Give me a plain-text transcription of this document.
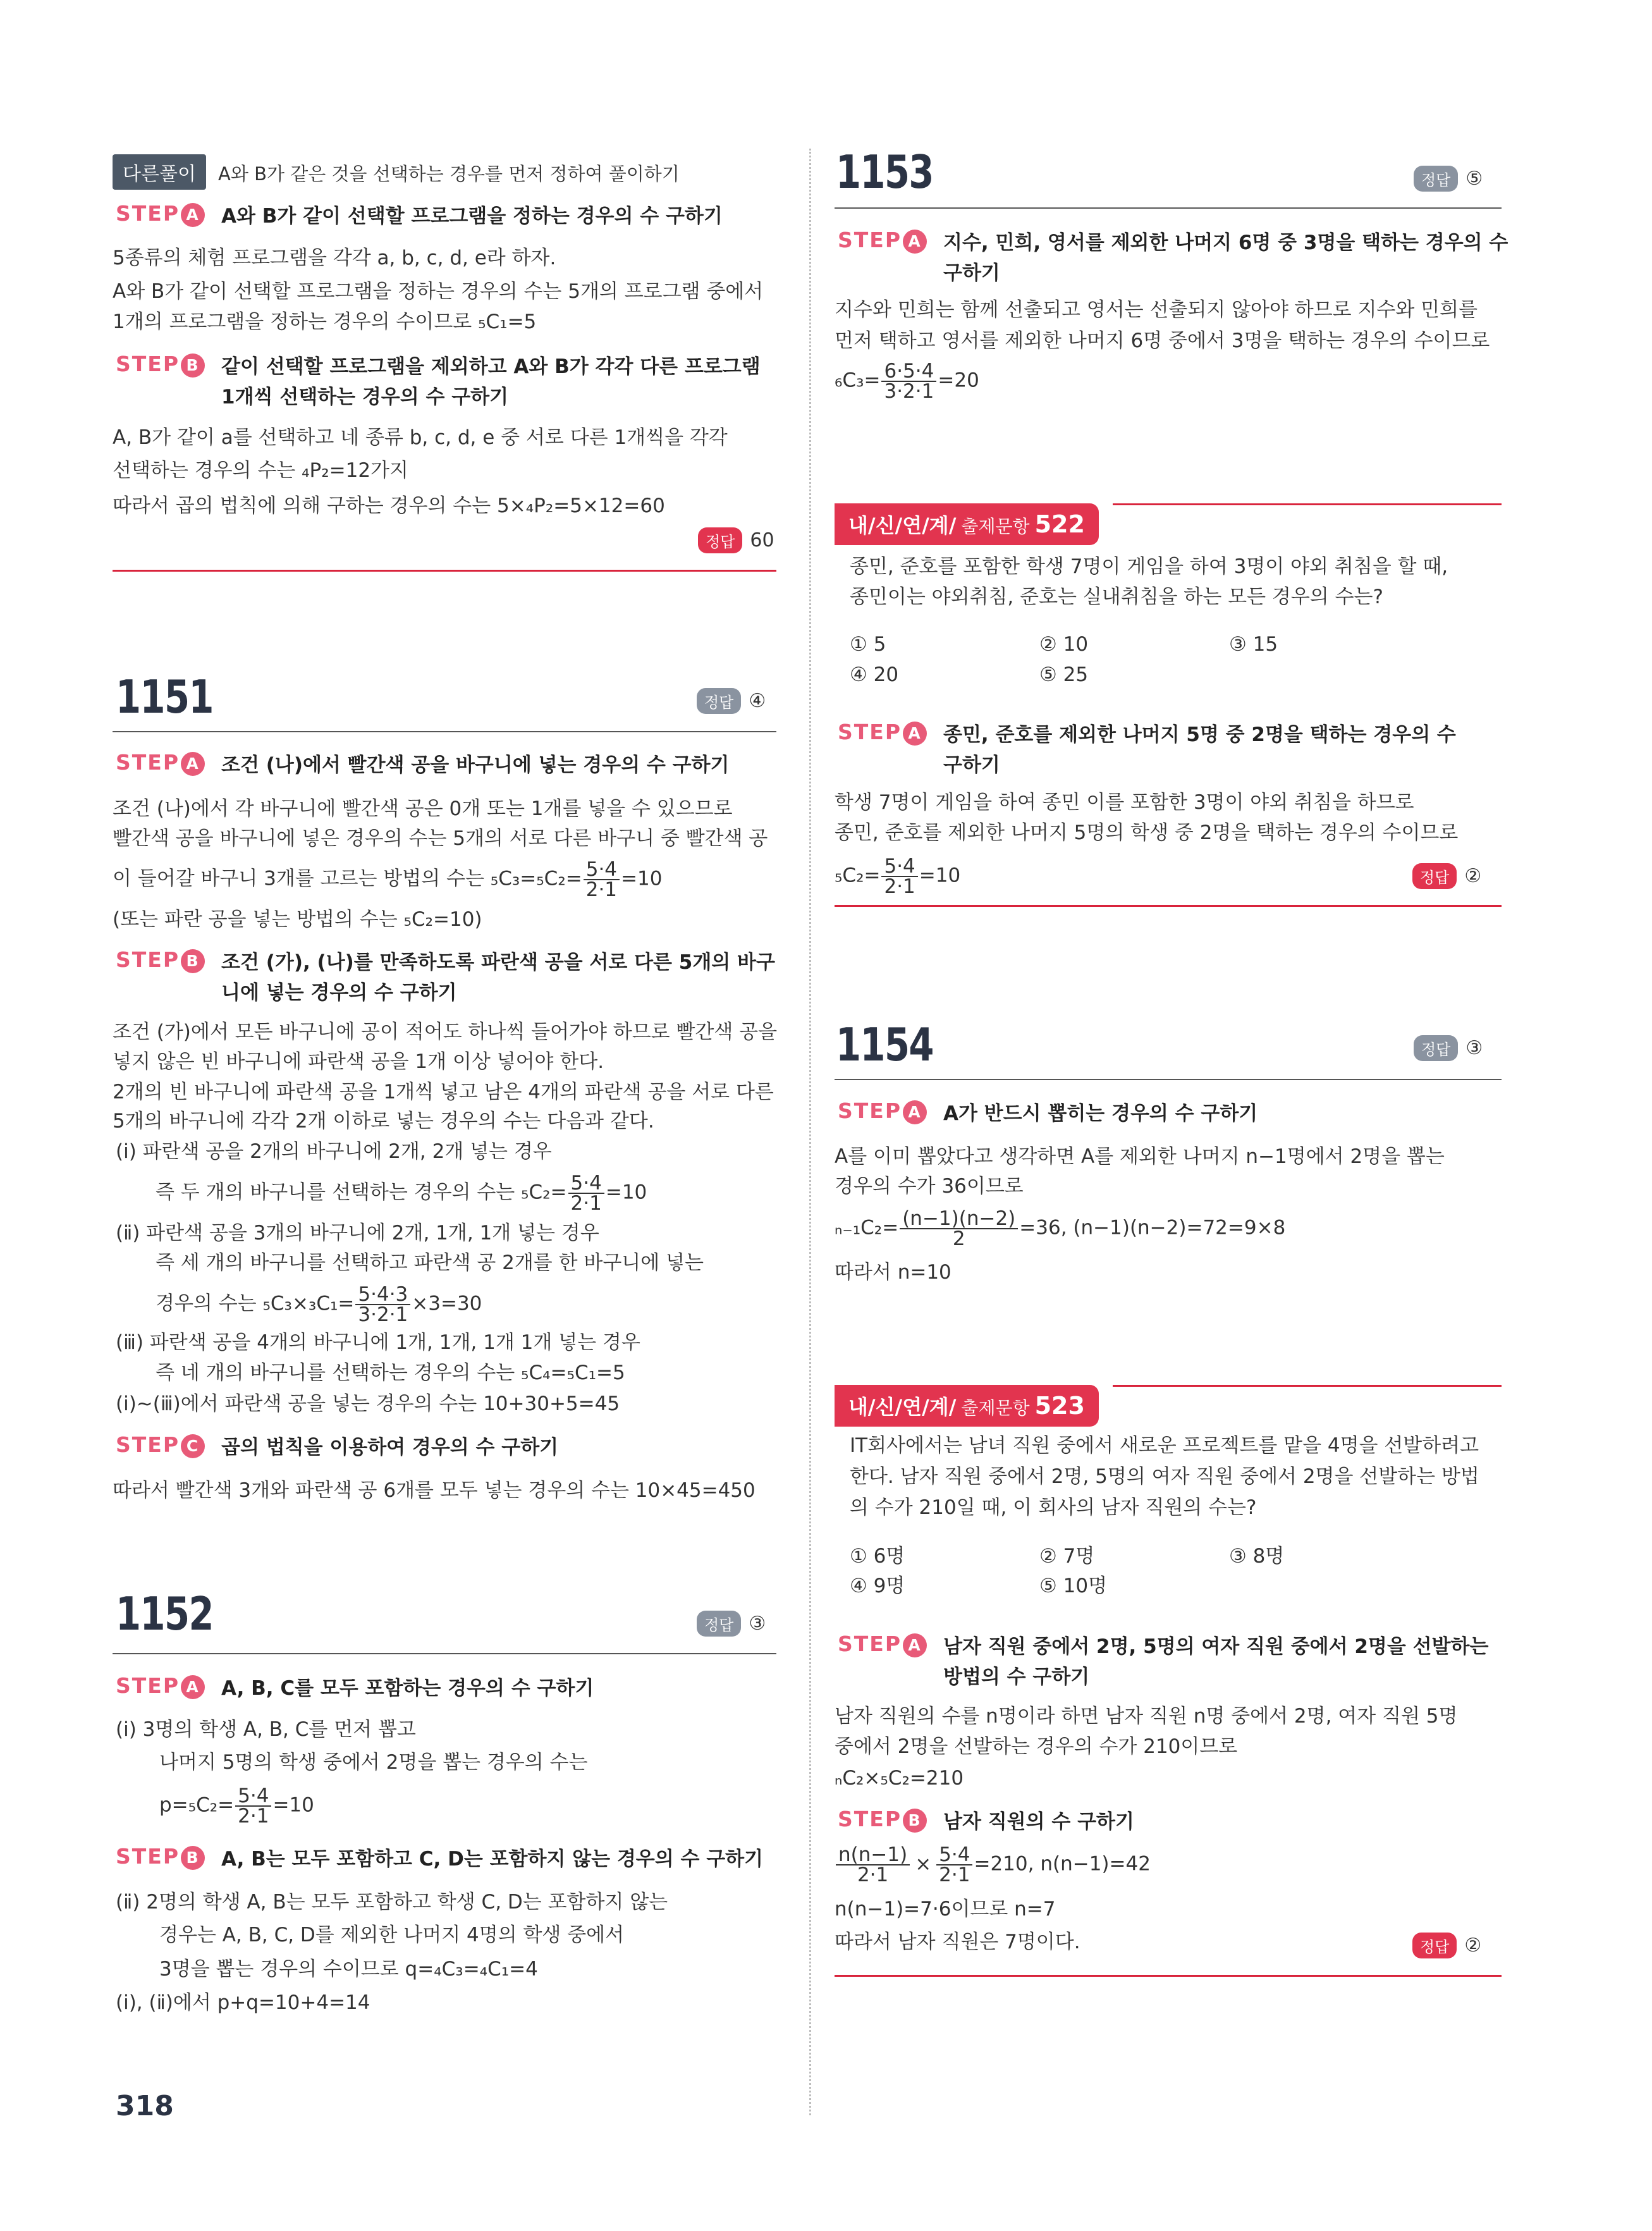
다른풀이 A와 B가 같은 것을 선택하는 경우를 먼저 정하여 풀이하기
STEP A A와 B가 같이 선택할 프로그램을 정하는 경우의 수 구하기
5종류의 체험 프로그램을 각각 a, b, c, d, e라 하자.
A와 B가 같이 선택할 프로그램을 정하는 경우의 수는 5개의 프로그램 중에서
1개의 프로그램을 정하는 경우의 수이므로 ₅C₁=5
STEP B 같이 선택할 프로그램을 제외하고 A와 B가 각각 다른 프로그램
1개씩 선택하는 경우의 수 구하기
A, B가 같이 a를 선택하고 네 종류 b, c, d, e 중 서로 다른 1개씩을 각각
선택하는 경우의 수는 ₄P₂=12가지
따라서 곱의 법칙에 의해 구하는 경우의 수는 5×₄P₂=5×12=60
정답 60
1151	정답 ④
STEP A 조건 (나)에서 빨간색 공을 바구니에 넣는 경우의 수 구하기
조건 (나)에서 각 바구니에 빨간색 공은 0개 또는 1개를 넣을 수 있으므로
빨간색 공을 바구니에 넣은 경우의 수는 5개의 서로 다른 바구니 중 빨간색 공
이 들어갈 바구니 3개를 고르는 방법의 수는 $_5C_3=_5C_2= \frac{5\cdot 4}{2\cdot 1} =10$
(또는 파란 공을 넣는 방법의 수는 ₅C₂=10)
STEP B 조건 (가), (나)를 만족하도록 파란색 공을 서로 다른 5개의 바구
니에 넣는 경우의 수 구하기
조건 (가)에서 모든 바구니에 공이 적어도 하나씩 들어가야 하므로 빨간색 공을
넣지 않은 빈 바구니에 파란색 공을 1개 이상 넣어야 한다.
2개의 빈 바구니에 파란색 공을 1개씩 넣고 남은 4개의 파란색 공을 서로 다른
5개의 바구니에 각각 2개 이하로 넣는 경우의 수는 다음과 같다.
(ⅰ) 파란색 공을 2개의 바구니에 2개, 2개 넣는 경우
즉 두 개의 바구니를 선택하는 경우의 수는 $_5C_2= \frac{5\cdot 4}{2\cdot 1} =10$
(ⅱ) 파란색 공을 3개의 바구니에 2개, 1개, 1개 넣는 경우
즉 세 개의 바구니를 선택하고 파란색 공 2개를 한 바구니에 넣는
경우의 수는 $_5C_3\times_3C_1= \frac{5\cdot 4\cdot 3}{3\cdot 2\cdot 1} \times 3=30$
(ⅲ) 파란색 공을 4개의 바구니에 1개, 1개, 1개 1개 넣는 경우
즉 네 개의 바구니를 선택하는 경우의 수는 ₅C₄=₅C₁=5
(ⅰ)~(ⅲ)에서 파란색 공을 넣는 경우의 수는 10+30+5=45
STEP C 곱의 법칙을 이용하여 경우의 수 구하기
따라서 빨간색 3개와 파란색 공 6개를 모두 넣는 경우의 수는 10×45=450
1152	정답 ③
STEP A A, B, C를 모두 포함하는 경우의 수 구하기
(ⅰ) 3명의 학생 A, B, C를 먼저 뽑고
나머지 5명의 학생 중에서 2명을 뽑는 경우의 수는
$p=_5C_2= \frac{5\cdot 4}{2\cdot 1} =10$
STEP B A, B는 모두 포함하고 C, D는 포함하지 않는 경우의 수 구하기
(ⅱ) 2명의 학생 A, B는 모두 포함하고 학생 C, D는 포함하지 않는
경우는 A, B, C, D를 제외한 나머지 4명의 학생 중에서
3명을 뽑는 경우의 수이므로 q=₄C₃=₄C₁=4
(ⅰ), (ⅱ)에서 p+q=10+4=14
318
1153	정답 ⑤
STEP A 지수, 민희, 영서를 제외한 나머지 6명 중 3명을 택하는 경우의 수
구하기
지수와 민희는 함께 선출되고 영서는 선출되지 않아야 하므로 지수와 민희를
먼저 택하고 영서를 제외한 나머지 6명 중에서 3명을 택하는 경우의 수이므로
$_6C_3= \frac{6\cdot 5\cdot 4}{3\cdot 2\cdot 1} =20$
내/신/연/계/ 출제문항 522
종민, 준호를 포함한 학생 7명이 게임을 하여 3명이 야외 취침을 할 때,
종민이는 야외취침, 준호는 실내취침을 하는 모든 경우의 수는?
① 5	② 10	③ 15
④ 20	⑤ 25
STEP A 종민, 준호를 제외한 나머지 5명 중 2명을 택하는 경우의 수
구하기
학생 7명이 게임을 하여 종민 이를 포함한 3명이 야외 취침을 하므로
종민, 준호를 제외한 나머지 5명의 학생 중 2명을 택하는 경우의 수이므로
$_5C_2= \frac{5\cdot 4}{2\cdot 1} =10$	정답 ②
1154	정답 ③
STEP A A가 반드시 뽑히는 경우의 수 구하기
A를 이미 뽑았다고 생각하면 A를 제외한 나머지 n−1명에서 2명을 뽑는
경우의 수가 36이므로
$_{n-1}C_2= \frac{(n-1)(n-2)}{2} =36$, (n−1)(n−2)=72=9×8
따라서 n=10
내/신/연/계/ 출제문항 523
IT회사에서는 남녀 직원 중에서 새로운 프로젝트를 맡을 4명을 선발하려고
한다. 남자 직원 중에서 2명, 5명의 여자 직원 중에서 2명을 선발하는 방법
의 수가 210일 때, 이 회사의 남자 직원의 수는?
① 6명	② 7명	③ 8명
④ 9명	⑤ 10명
STEP A 남자 직원 중에서 2명, 5명의 여자 직원 중에서 2명을 선발하는
방법의 수 구하기
남자 직원의 수를 n명이라 하면 남자 직원 n명 중에서 2명, 여자 직원 5명
중에서 2명을 선발하는 경우의 수가 210이므로
ₙC₂×₅C₂=210
STEP B 남자 직원의 수 구하기
$\frac{n(n-1)}{2\cdot 1} \times \frac{5\cdot 4}{2\cdot 1} =210$, n(n−1)=42
n(n−1)=7·6이므로 n=7
따라서 남자 직원은 7명이다.	정답 ②
